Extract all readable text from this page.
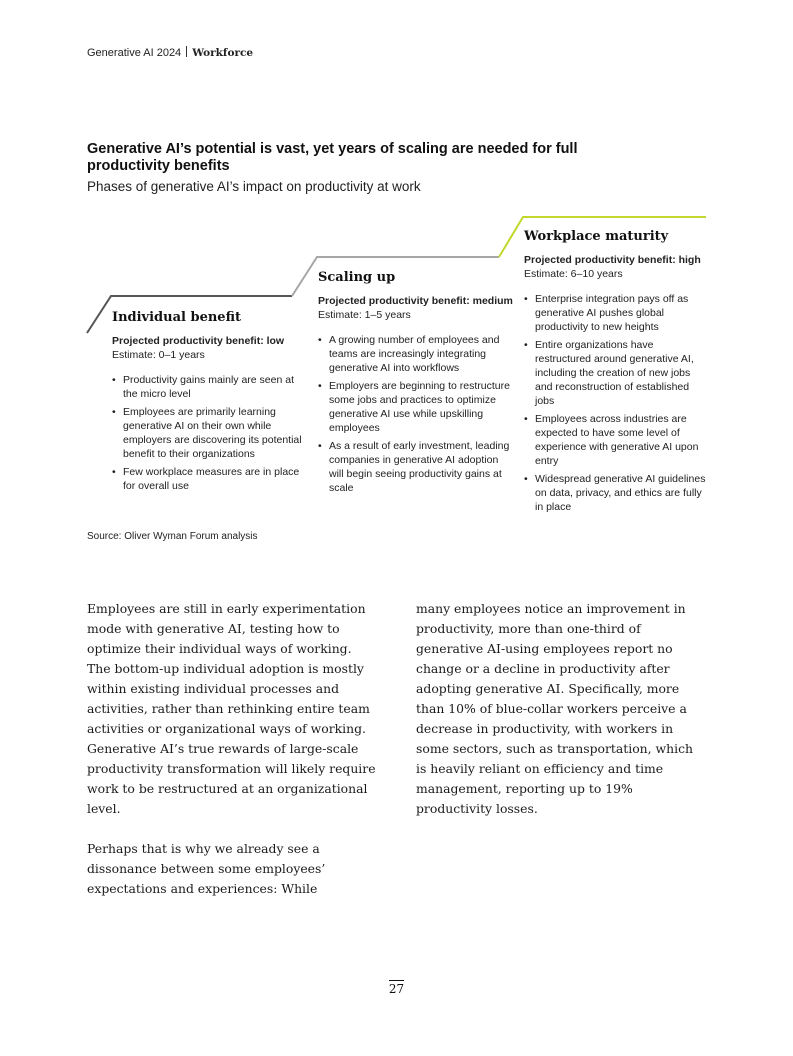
Generative AI 2024 Workforce
Generative AI’s potential is vast, yet years of scaling are needed for full productivity benefits
Phases of generative AI’s impact on productivity at work
Individual benefit
Projected productivity benefit: low
Estimate: 0–1 years
• Productivity gains mainly are seen at the micro level
• Employees are primarily learning generative AI on their own while employers are discovering its potential benefit to their organizations
• Few workplace measures are in place for overall use
Scaling up
Projected productivity benefit: medium
Estimate: 1–5 years
• A growing number of employees and teams are increasingly integrating generative AI into workflows
• Employers are beginning to restructure some jobs and practices to optimize generative AI use while upskilling employees
• As a result of early investment, leading companies in generative AI adoption will begin seeing productivity gains at scale
Workplace maturity
Projected productivity benefit: high
Estimate: 6–10 years
• Enterprise integration pays off as generative AI pushes global productivity to new heights
• Entire organizations have restructured around generative AI, including the creation of new jobs and reconstruction of established jobs
• Employees across industries are expected to have some level of experience with generative AI upon entry
• Widespread generative AI guidelines on data, privacy, and ethics are fully in place
Source: Oliver Wyman Forum analysis

Employees are still in early experimentation mode with generative AI, testing how to optimize their individual ways of working. The bottom-up individual adoption is mostly within existing individual processes and activities, rather than rethinking entire team activities or organizational ways of working. Generative AI’s true rewards of large-scale productivity transformation will likely require work to be restructured at an organizational level.

Perhaps that is why we already see a dissonance between some employees’ expectations and experiences: While

many employees notice an improvement in productivity, more than one-third of generative AI-using employees report no change or a decline in productivity after adopting generative AI. Specifically, more than 10% of blue-collar workers perceive a decrease in productivity, with workers in some sectors, such as transportation, which is heavily reliant on efficiency and time management, reporting up to 19% productivity losses.

27
